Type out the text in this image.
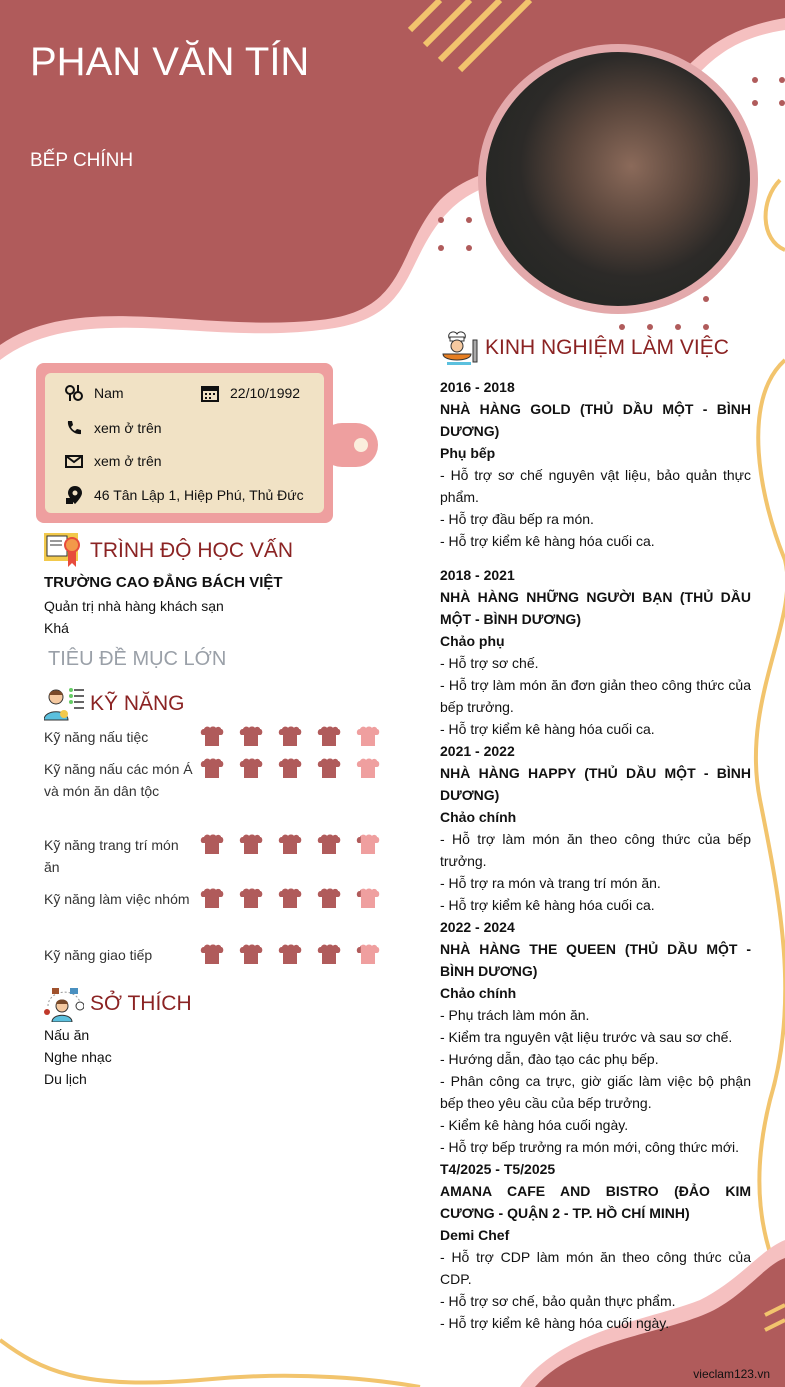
PHAN VĂN TÍN
BẾP CHÍNH
Nam	22/10/1992
xem ở trên
xem ở trên
46 Tân Lập 1, Hiệp Phú, Thủ Đức
TRÌNH ĐỘ HỌC VẤN
TRƯỜNG CAO ĐẲNG BÁCH VIỆT
Quản trị nhà hàng khách sạn
Khá
TIÊU ĐỀ MỤC LỚN
KỸ NĂNG
Kỹ năng nấu tiệc
Kỹ năng nấu các món Á và món ăn dân tộc
Kỹ năng trang trí món ăn
Kỹ năng làm việc nhóm
Kỹ năng giao tiếp
SỞ THÍCH
Nấu ăn
Nghe nhạc
Du lịch
KINH NGHIỆM LÀM VIỆC
2016 - 2018
NHÀ HÀNG GOLD (THỦ DẦU MỘT - BÌNH DƯƠNG)
Phụ bếp
- Hỗ trợ sơ chế nguyên vật liệu, bảo quản thực phẩm.
- Hỗ trợ đầu bếp ra món.
- Hỗ trợ kiểm kê hàng hóa cuối ca.
2018 - 2021
NHÀ HÀNG NHỮNG NGƯỜI BẠN (THỦ DẦU MỘT - BÌNH DƯƠNG)
Chảo phụ
- Hỗ trợ sơ chế.
- Hỗ trợ làm món ăn đơn giản theo công thức của bếp trưởng.
- Hỗ trợ kiểm kê hàng hóa cuối ca.
2021 - 2022
NHÀ HÀNG HAPPY (THỦ DẦU MỘT - BÌNH DƯƠNG)
Chảo chính
- Hỗ trợ làm món ăn theo công thức của bếp trưởng.
- Hỗ trợ ra món và trang trí món ăn.
- Hỗ trợ kiểm kê hàng hóa cuối ca.
2022 - 2024
NHÀ HÀNG THE QUEEN (THỦ DẦU MỘT - BÌNH DƯƠNG)
Chảo chính
- Phụ trách làm món ăn.
- Kiểm tra nguyên vật liệu trước và sau sơ chế.
- Hướng dẫn, đào tạo các phụ bếp.
- Phân công ca trực, giờ giấc làm việc bộ phận bếp theo yêu cầu của bếp trưởng.
- Kiểm kê hàng hóa cuối ngày.
- Hỗ trợ bếp trưởng ra món mới, công thức mới.
T4/2025 - T5/2025
AMANA CAFE AND BISTRO (ĐẢO KIM CƯƠNG - QUẬN 2 - TP. HỒ CHÍ MINH)
Demi Chef
- Hỗ trợ CDP làm món ăn theo công thức của CDP.
- Hỗ trợ sơ chế, bảo quản thực phẩm.
- Hỗ trợ kiểm kê hàng hóa cuối ngày.
vieclam123.vn
